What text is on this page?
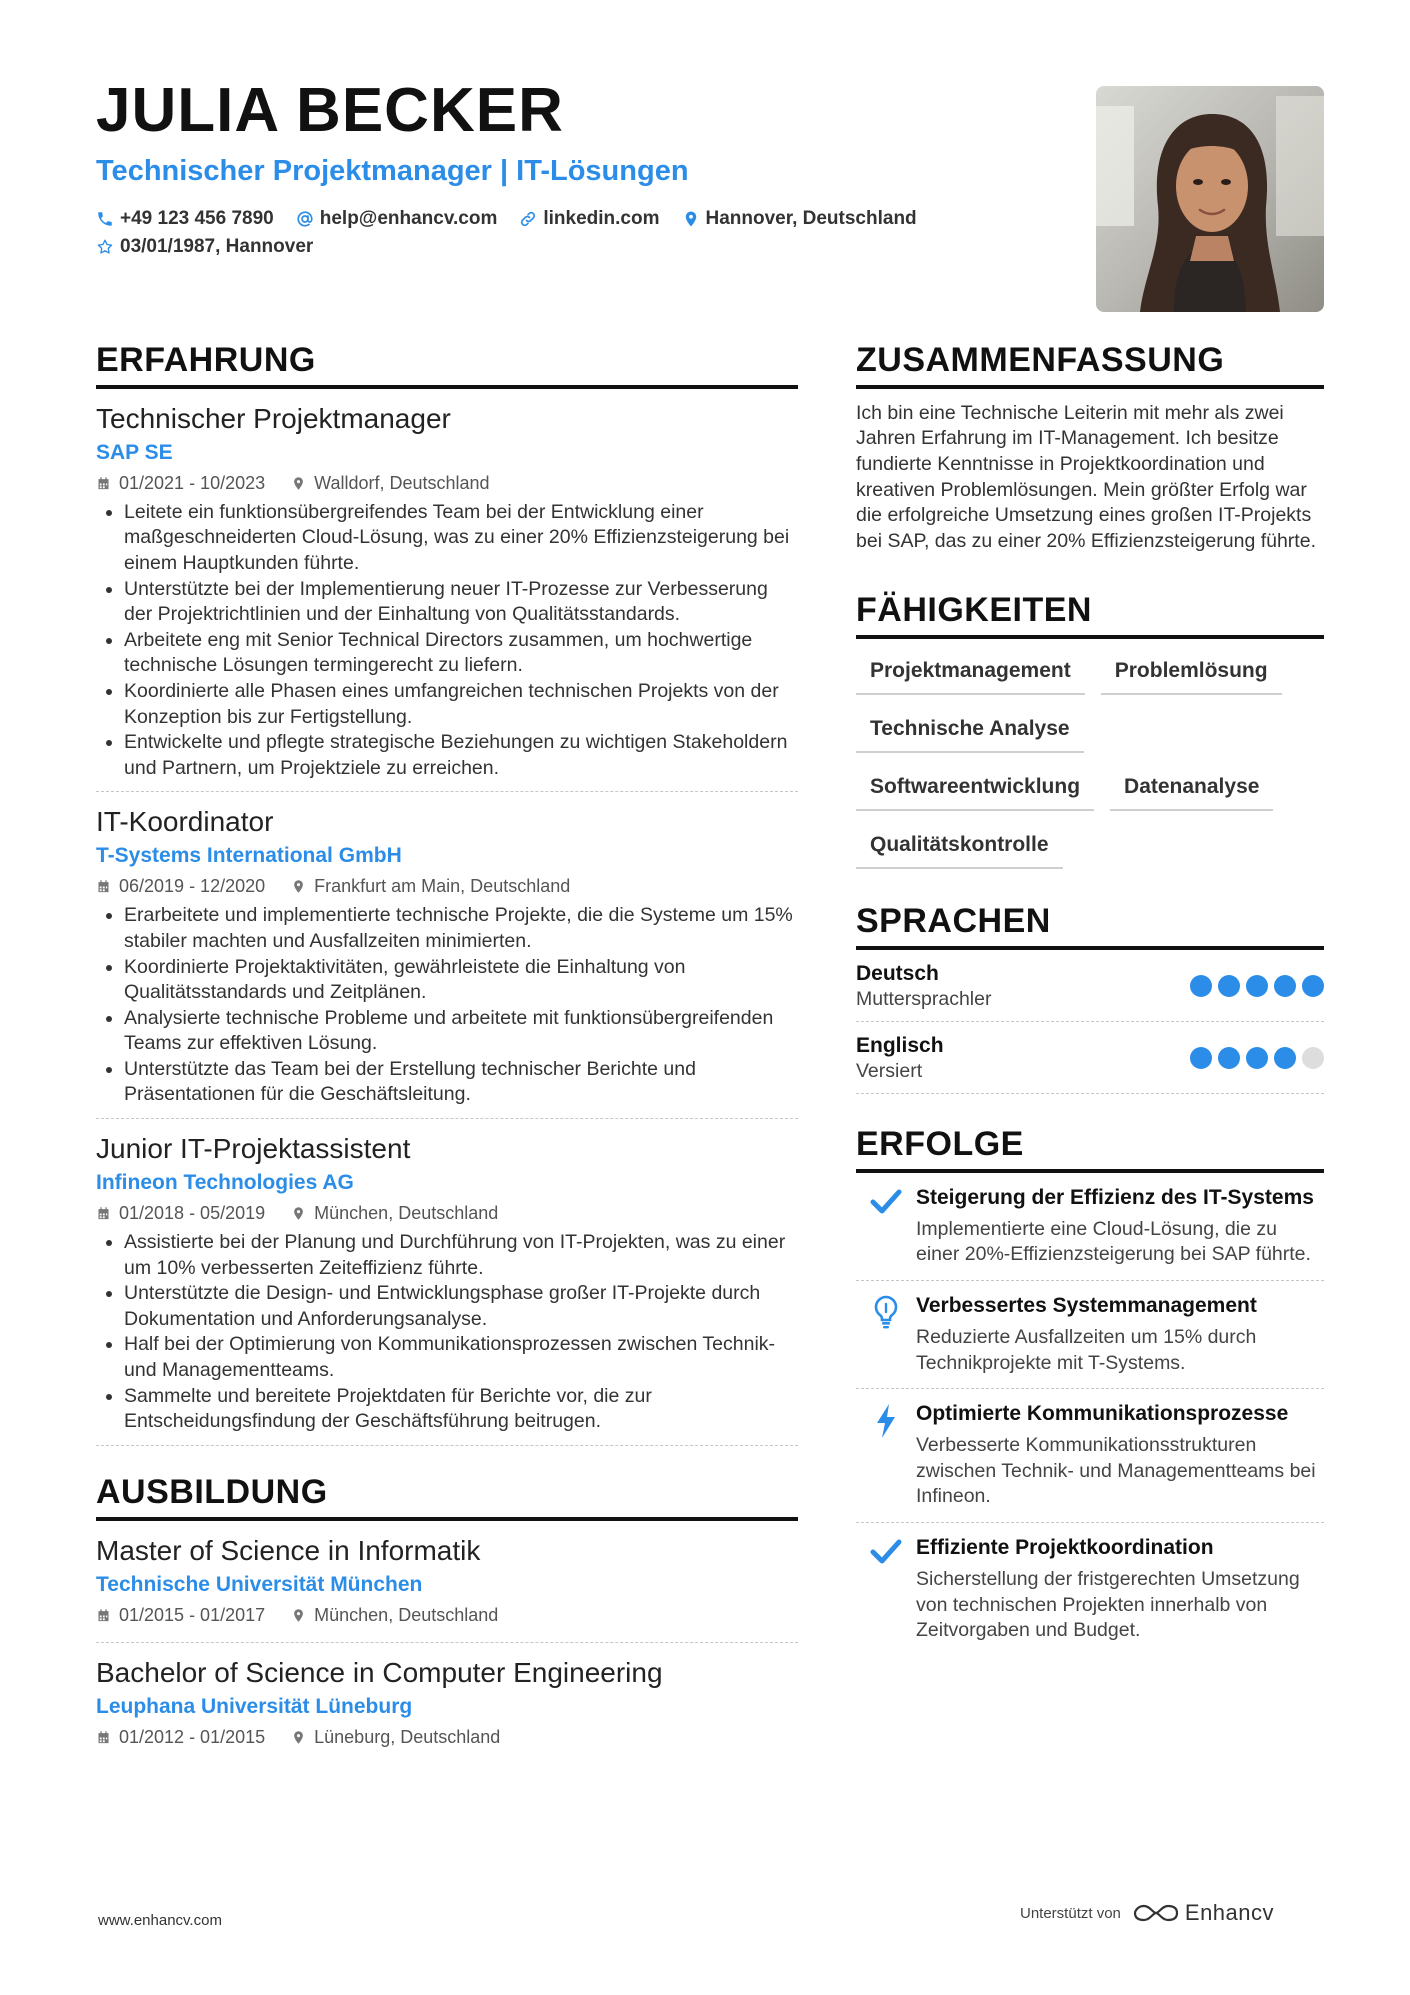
JULIA BECKER
Technischer Projektmanager | IT-Lösungen
+49 123 456 7890 help@enhancv.com linkedin.com Hannover, Deutschland
03/01/1987, Hannover
ERFAHRUNG
Technischer Projektmanager
SAP SE
01/2021 - 10/2023	Walldorf, Deutschland
• Leitete ein funktionsübergreifendes Team bei der Entwicklung einer maßgeschneiderten Cloud-Lösung, was zu einer 20% Effizienzsteigerung bei einem Hauptkunden führte.
• Unterstützte bei der Implementierung neuer IT-Prozesse zur Verbesserung der Projektrichtlinien und der Einhaltung von Qualitätsstandards.
• Arbeitete eng mit Senior Technical Directors zusammen, um hochwertige technische Lösungen termingerecht zu liefern.
• Koordinierte alle Phasen eines umfangreichen technischen Projekts von der Konzeption bis zur Fertigstellung.
• Entwickelte und pflegte strategische Beziehungen zu wichtigen Stakeholdern und Partnern, um Projektziele zu erreichen.
IT-Koordinator
T-Systems International GmbH
06/2019 - 12/2020	Frankfurt am Main, Deutschland
• Erarbeitete und implementierte technische Projekte, die die Systeme um 15% stabiler machten und Ausfallzeiten minimierten.
• Koordinierte Projektaktivitäten, gewährleistete die Einhaltung von Qualitätsstandards und Zeitplänen.
• Analysierte technische Probleme und arbeitete mit funktionsübergreifenden Teams zur effektiven Lösung.
• Unterstützte das Team bei der Erstellung technischer Berichte und Präsentationen für die Geschäftsleitung.
Junior IT-Projektassistent
Infineon Technologies AG
01/2018 - 05/2019	München, Deutschland
• Assistierte bei der Planung und Durchführung von IT-Projekten, was zu einer um 10% verbesserten Zeiteffizienz führte.
• Unterstützte die Design- und Entwicklungsphase großer IT-Projekte durch Dokumentation und Anforderungsanalyse.
• Half bei der Optimierung von Kommunikationsprozessen zwischen Technik- und Managementteams.
• Sammelte und bereitete Projektdaten für Berichte vor, die zur Entscheidungsfindung der Geschäftsführung beitrugen.
AUSBILDUNG
Master of Science in Informatik
Technische Universität München
01/2015 - 01/2017	München, Deutschland
Bachelor of Science in Computer Engineering
Leuphana Universität Lüneburg
01/2012 - 01/2015	Lüneburg, Deutschland
ZUSAMMENFASSUNG

Ich bin eine Technische Leiterin mit mehr als zwei Jahren Erfahrung im IT-Management. Ich besitze fundierte Kenntnisse in Projektkoordination und kreativen Problemlösungen. Mein größter Erfolg war die erfolgreiche Umsetzung eines großen IT-Projekts bei SAP, das zu einer 20% Effizienzsteigerung führte.

FÄHIGKEITEN
Projektmanagement	Problemlösung
Technische Analyse
Softwareentwicklung	Datenanalyse
Qualitätskontrolle
SPRACHEN
Deutsch
Muttersprachler
Englisch
Versiert
ERFOLGE
Steigerung der Effizienz des IT-Systems
Implementierte eine Cloud-Lösung, die zu einer 20%-Effizienzsteigerung bei SAP führte.
Verbessertes Systemmanagement
Reduzierte Ausfallzeiten um 15% durch Technikprojekte mit T-Systems.
Optimierte Kommunikationsprozesse
Verbesserte Kommunikationsstrukturen zwischen Technik- und Managementteams bei Infineon.
Effiziente Projektkoordination
Sicherstellung der fristgerechten Umsetzung von technischen Projekten innerhalb von Zeitvorgaben und Budget.
www.enhancv.com	Unterstützt von	Enhancv
